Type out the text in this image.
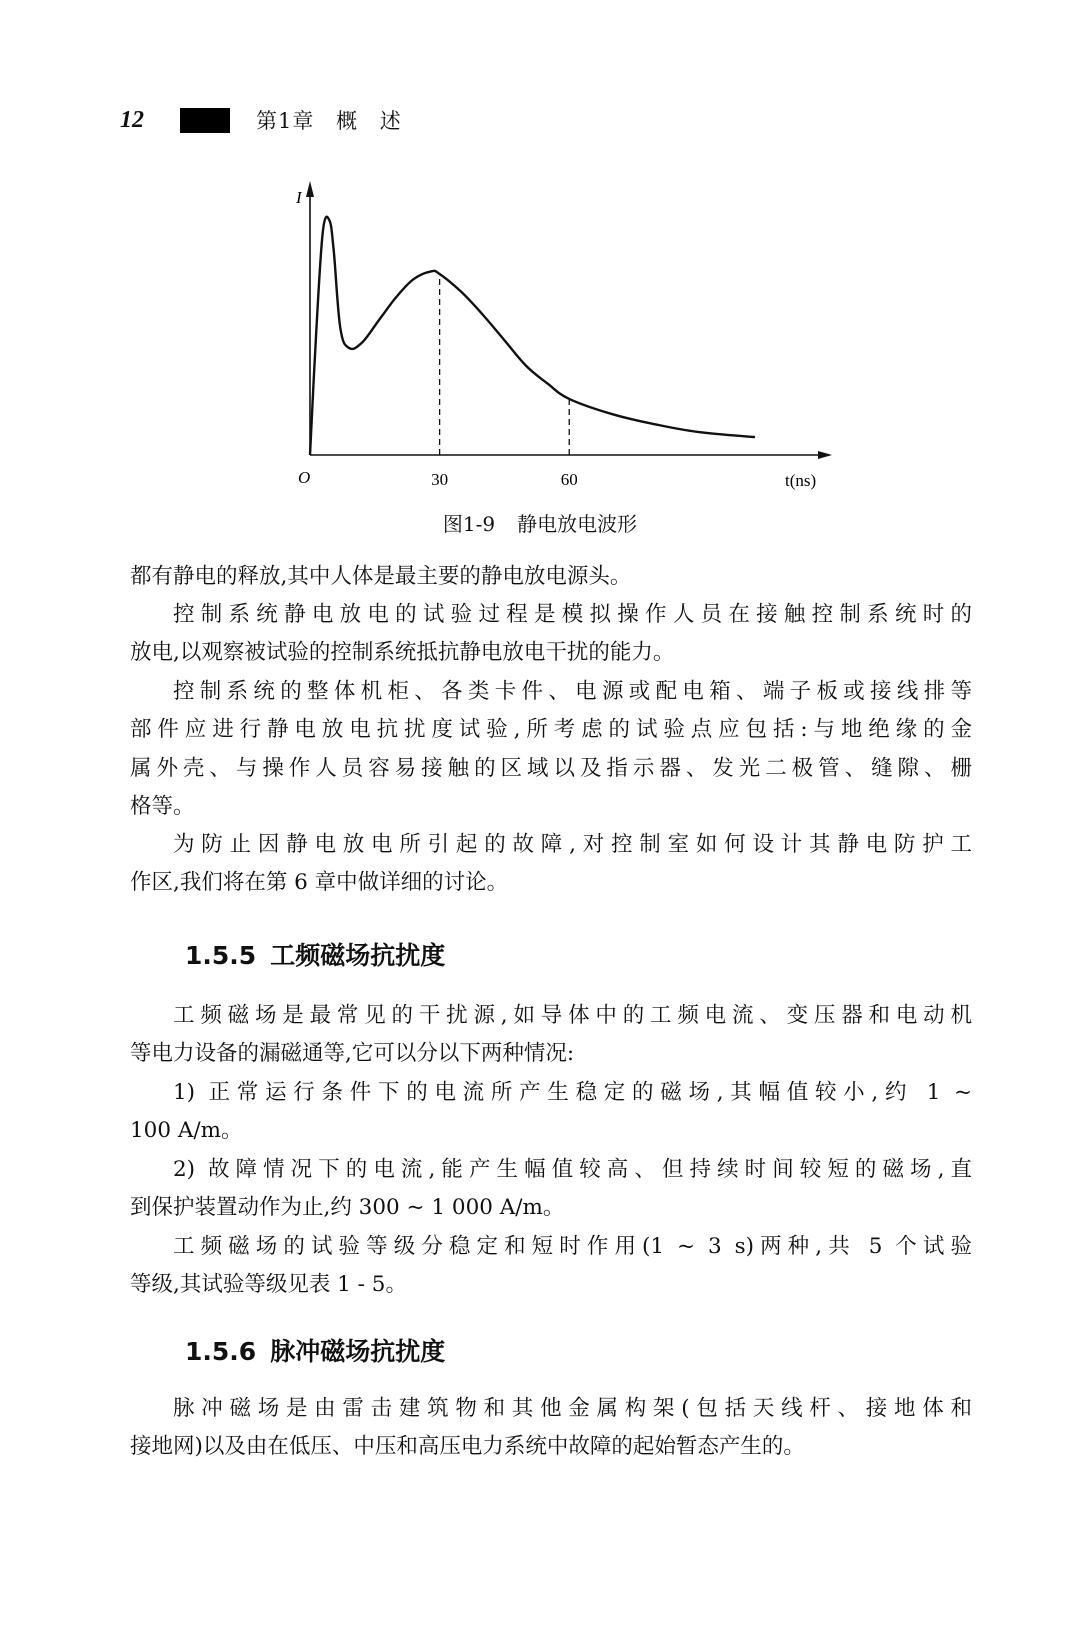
12	第1章 概 述
I
O	30	60	t(ns)
图1-9 静电放电波形
都有静电的释放,其中人体是最主要的静电放电源头。
控制系统静电放电的试验过程是模拟操作人员在接触控制系统时的
放电,以观察被试验的控制系统抵抗静电放电干扰的能力。
控制系统的整体机柜、各类卡件、电源或配电箱、端子板或接线排等
部件应进行静电放电抗扰度试验,所考虑的试验点应包括:与地绝缘的金
属外壳、与操作人员容易接触的区域以及指示器、发光二极管、缝隙、栅
格等。
为防止因静电放电所引起的故障,对控制室如何设计其静电防护工
作区,我们将在第 6 章中做详细的讨论。
1.5.5 工频磁场抗扰度
工频磁场是最常见的干扰源,如导体中的工频电流、变压器和电动机
等电力设备的漏磁通等,它可以分以下两种情况:
1) 正常运行条件下的电流所产生稳定的磁场,其幅值较小,约 1 ~
100 A/m。
2) 故障情况下的电流,能产生幅值较高、但持续时间较短的磁场,直
到保护装置动作为止,约 300 ~ 1 000 A/m。
工频磁场的试验等级分稳定和短时作用(1 ~ 3 s)两种,共 5 个试验
等级,其试验等级见表 1 - 5。
1.5.6 脉冲磁场抗扰度
脉冲磁场是由雷击建筑物和其他金属构架(包括天线杆、接地体和
接地网)以及由在低压、中压和高压电力系统中故障的起始暂态产生的。
